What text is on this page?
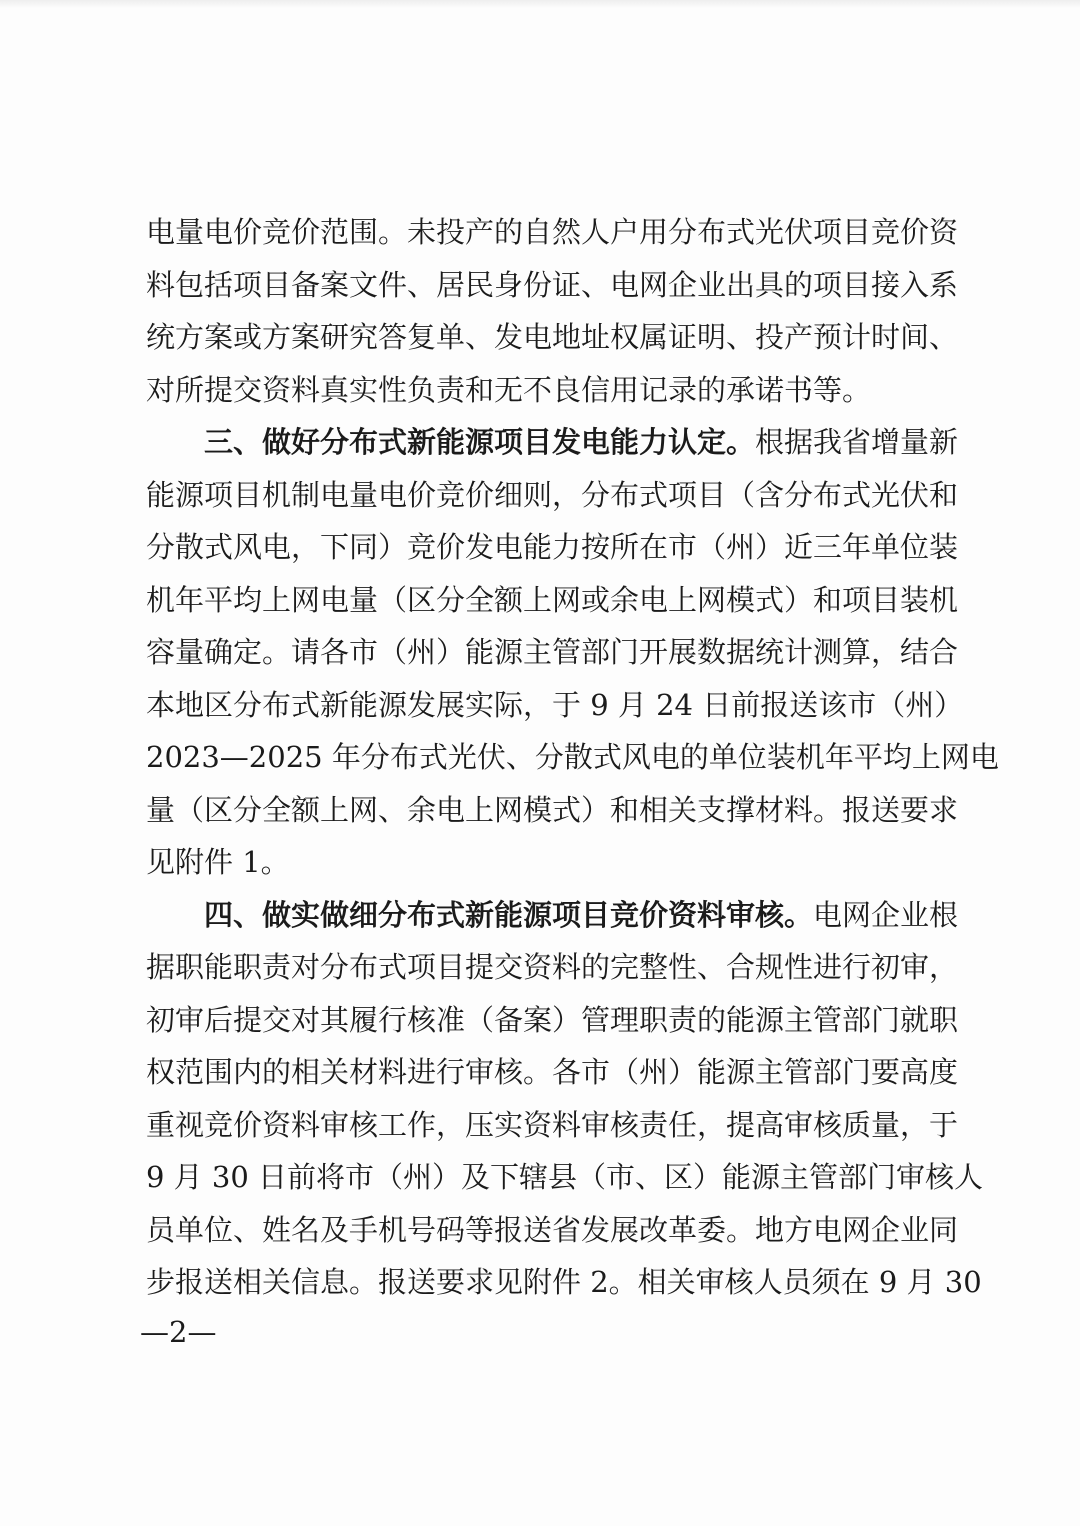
电量电价竞价范围。未投产的自然人户用分布式光伏项目竞价资

料包括项目备案文件、居民身份证、电网企业出具的项目接入系

统方案或方案研究答复单、发电地址权属证明、投产预计时间、

对所提交资料真实性负责和无不良信用记录的承诺书等。

三、做好分布式新能源项目发电能力认定。根据我省增量新

能源项目机制电量电价竞价细则，分布式项目（含分布式光伏和

分散式风电，下同）竞价发电能力按所在市（州）近三年单位装

机年平均上网电量（区分全额上网或余电上网模式）和项目装机

容量确定。请各市（州）能源主管部门开展数据统计测算，结合

本地区分布式新能源发展实际，于 9 月 24 日前报送该市（州）

2023—2025 年分布式光伏、分散式风电的单位装机年平均上网电

量（区分全额上网、余电上网模式）和相关支撑材料。报送要求

见附件 1。

四、做实做细分布式新能源项目竞价资料审核。电网企业根

据职能职责对分布式项目提交资料的完整性、合规性进行初审，

初审后提交对其履行核准（备案）管理职责的能源主管部门就职

权范围内的相关材料进行审核。各市（州）能源主管部门要高度

重视竞价资料审核工作，压实资料审核责任，提高审核质量，于

9 月 30 日前将市（州）及下辖县（市、区）能源主管部门审核人

员单位、姓名及手机号码等报送省发展改革委。地方电网企业同

步报送相关信息。报送要求见附件 2。相关审核人员须在 9 月 30

—2—
